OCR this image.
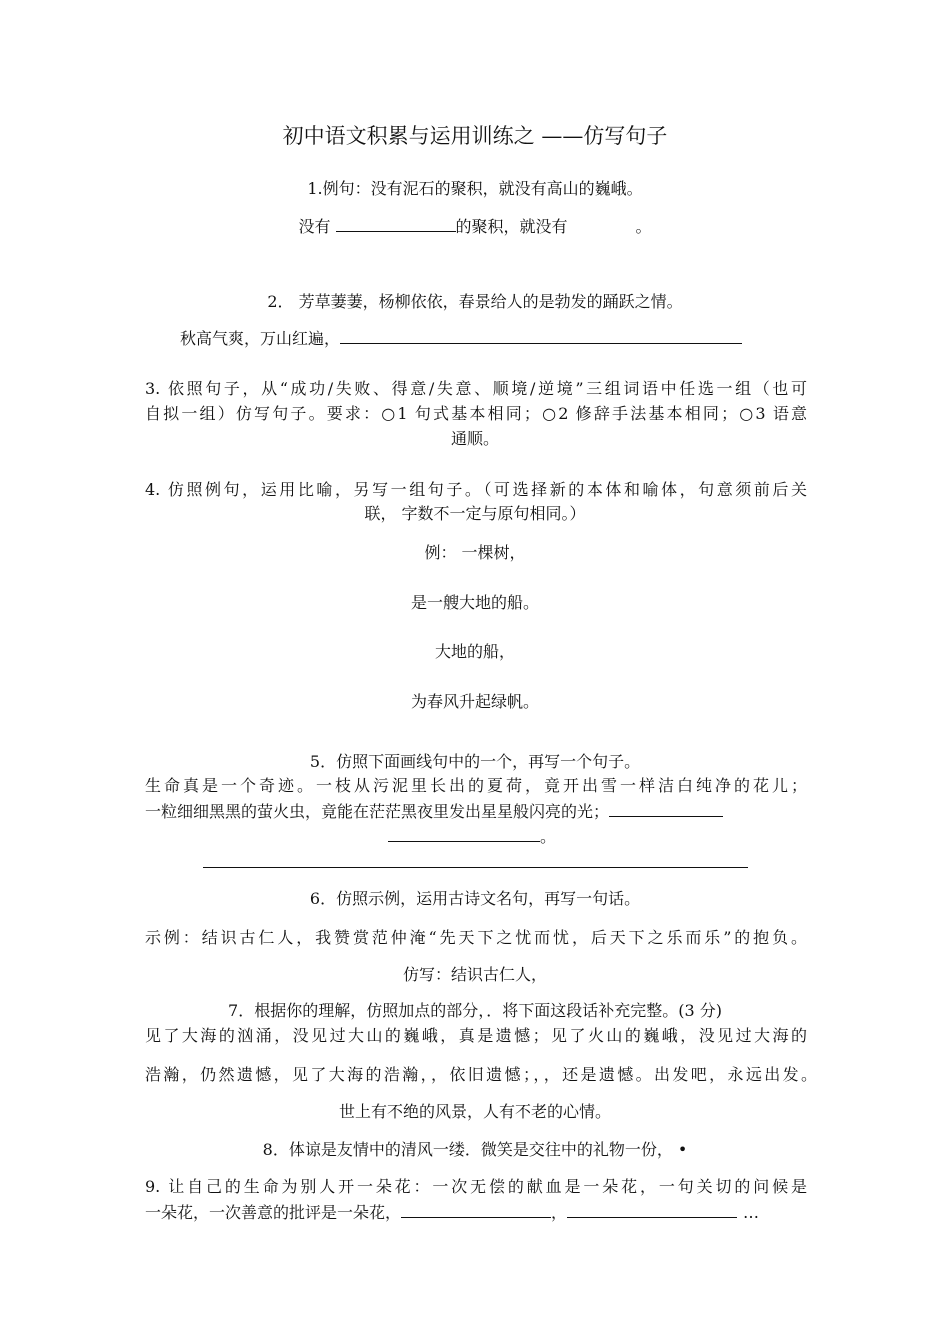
初中语文积累与运用训练之 ——仿写句子
1.例句：没有泥石的聚积，就没有高山的巍峨。
没有	的聚积，就没有	。
2． 芳草萋萋，杨柳依依，春景给人的是勃发的踊跃之情。
秋高气爽，万山红遍，
3. 依照句子，从“成功/失败、得意/失意、顺境/逆境”三组词语中任选一组（也可
自拟一组）仿写句子。要求：○1 句式基本相同；○2 修辞手法基本相同；○3 语意
通顺。
4. 仿照例句，运用比喻，另写一组句子。（可选择新的本体和喻体，句意须前后关
联， 字数不一定与原句相同。）
例： 一棵树，
是一艘大地的船。
大地的船，
为春风升起绿帆。
5．仿照下面画线句中的一个，再写一个句子。
生命真是一个奇迹。一枝从污泥里长出的夏荷，竟开出雪一样洁白纯净的花儿；
一粒细细黑黑的萤火虫，竟能在茫茫黑夜里发出星星般闪亮的光；
。
6．仿照示例，运用古诗文名句，再写一句话。
示例：结识古仁人，我赞赏范仲淹“先天下之忧而忧，后天下之乐而乐”的抱负。
仿写：结识古仁人，
7．根据你的理解，仿照加点的部分，．将下面这段话补充完整。(3 分)
见了大海的汹涌，没见过大山的巍峨，真是遗憾；见了火山的巍峨，没见过大海的
浩瀚，仍然遗憾，见了大海的浩瀚，，依旧遗憾；，，还是遗憾。出发吧，永远出发。
世上有不绝的风景，人有不老的心情。
8．体谅是友情中的清风一缕．微笑是交往中的礼物一份， •
9. 让自己的生命为别人开一朵花：一次无偿的献血是一朵花，一句关切的问候是
一朵花，一次善意的批评是一朵花，	，	…
